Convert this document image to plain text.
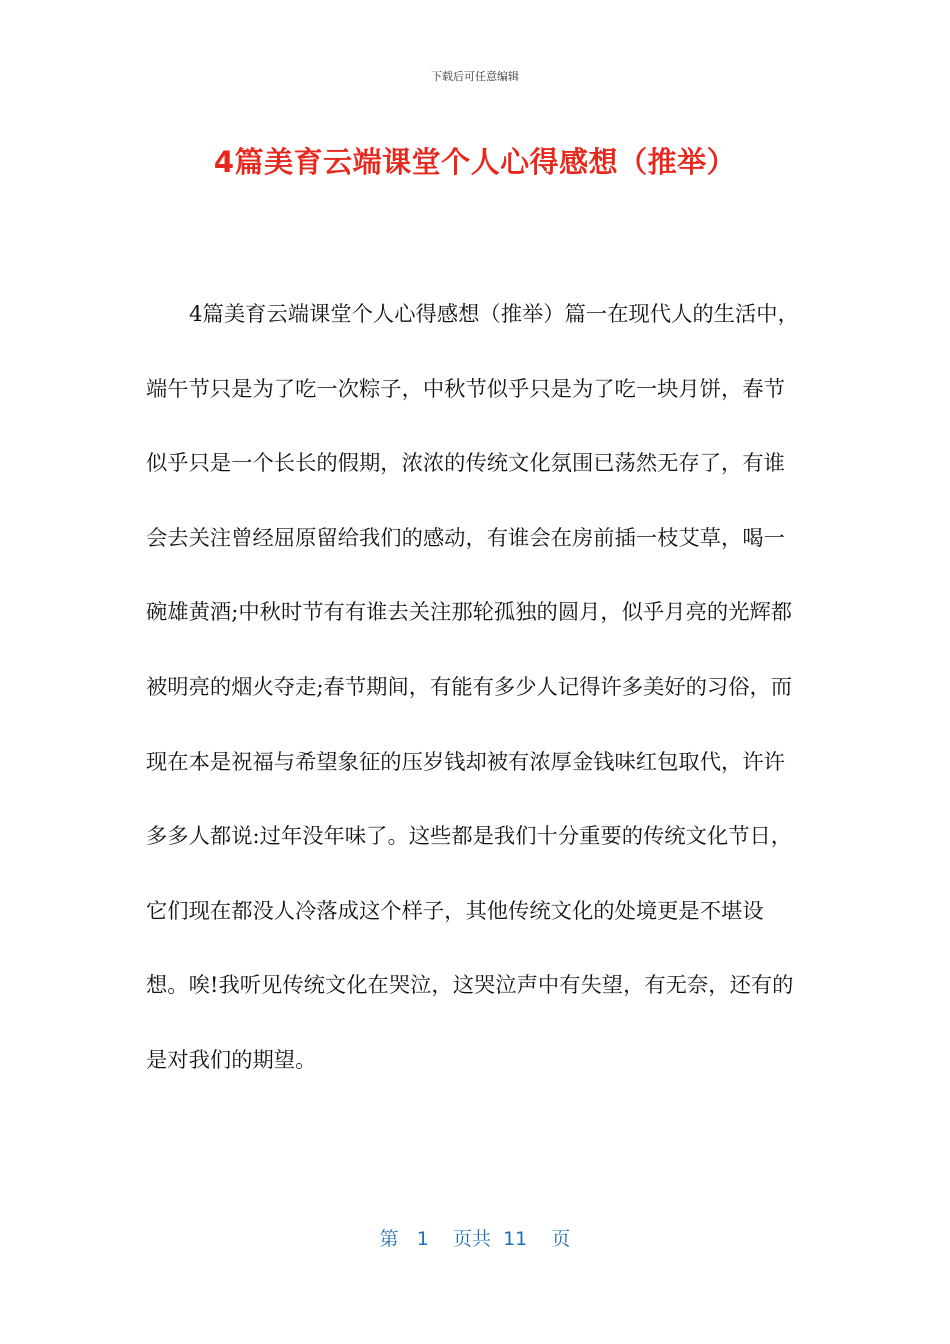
下载后可任意编辑
4篇美育云端课堂个人心得感想（推举）

4篇美育云端课堂个人心得感想（推举）篇一在现代人的生活中，端午节只是为了吃一次粽子，中秋节似乎只是为了吃一块月饼，春节似乎只是一个长长的假期，浓浓的传统文化氛围已荡然无存了，有谁会去关注曾经屈原留给我们的感动，有谁会在房前插一枝艾草，喝一碗雄黄酒;中秋时节有有谁去关注那轮孤独的圆月，似乎月亮的光辉都被明亮的烟火夺走;春节期间，有能有多少人记得许多美好的习俗，而现在本是祝福与希望象征的压岁钱却被有浓厚金钱味红包取代，许许多多人都说:过年没年味了。这些都是我们十分重要的传统文化节日，它们现在都没人冷落成这个样子，其他传统文化的处境更是不堪设想。唉!我听见传统文化在哭泣，这哭泣声中有失望，有无奈，还有的是对我们的期望。

第 1 页共 11 页
